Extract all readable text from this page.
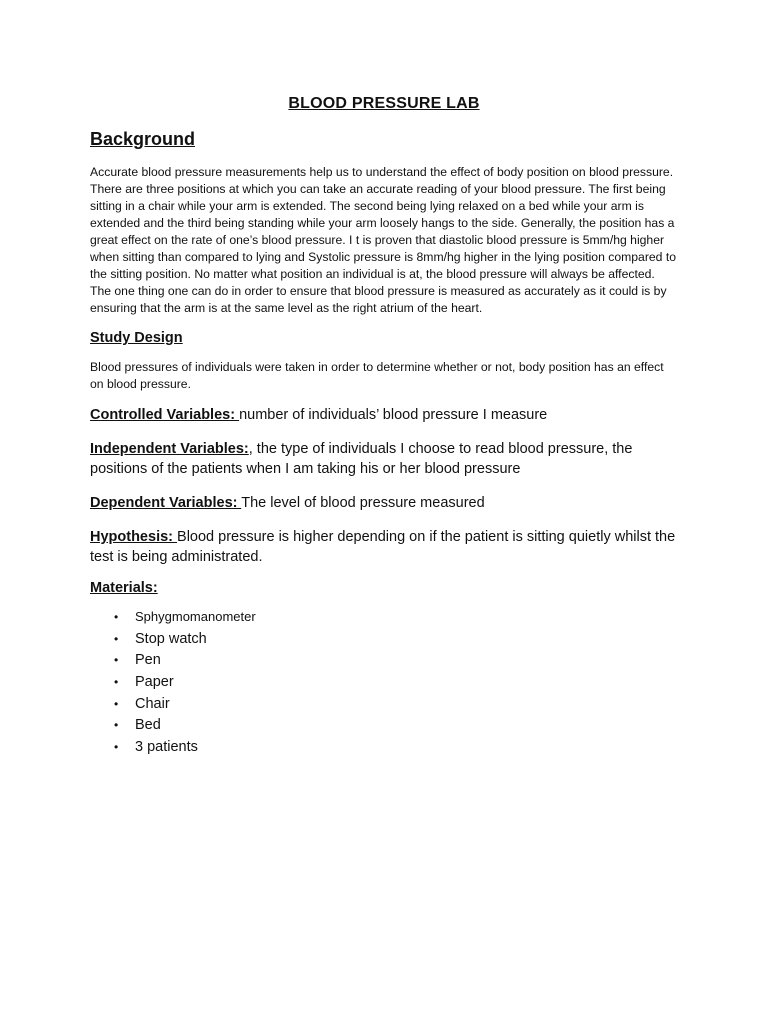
BLOOD PRESSURE LAB
Background

Accurate blood pressure measurements help us to understand the effect of body position on blood pressure. There are three positions at which you can take an accurate reading of your blood pressure. The first being sitting in a chair while your arm is extended. The second being lying relaxed on a bed while your arm is extended and the third being standing while your arm loosely hangs to the side. Generally, the position has a great effect on the rate of one’s blood pressure. I t is proven that diastolic blood pressure is 5mm/hg higher when sitting than compared to lying and Systolic pressure is 8mm/hg higher in the lying position compared to the sitting position. No matter what position an individual is at, the blood pressure will always be affected. The one thing one can do in order to ensure that blood pressure is measured as accurately as it could is by ensuring that the arm is at the same level as the right atrium of the heart.

Study Design

Blood pressures of individuals were taken in order to determine whether or not, body position has an effect on blood pressure.

Controlled Variables: number of individuals’ blood pressure I measure

Independent Variables:, the type of individuals I choose to read blood pressure, the positions of the patients when I am taking his or her blood pressure

Dependent Variables: The level of blood pressure measured

Hypothesis: Blood pressure is higher depending on if the patient is sitting quietly whilst the test is being administrated.

Materials:
•	Sphygmomanometer
•	Stop watch
•	Pen
•	Paper
•	Chair
•	Bed
•	3 patients
